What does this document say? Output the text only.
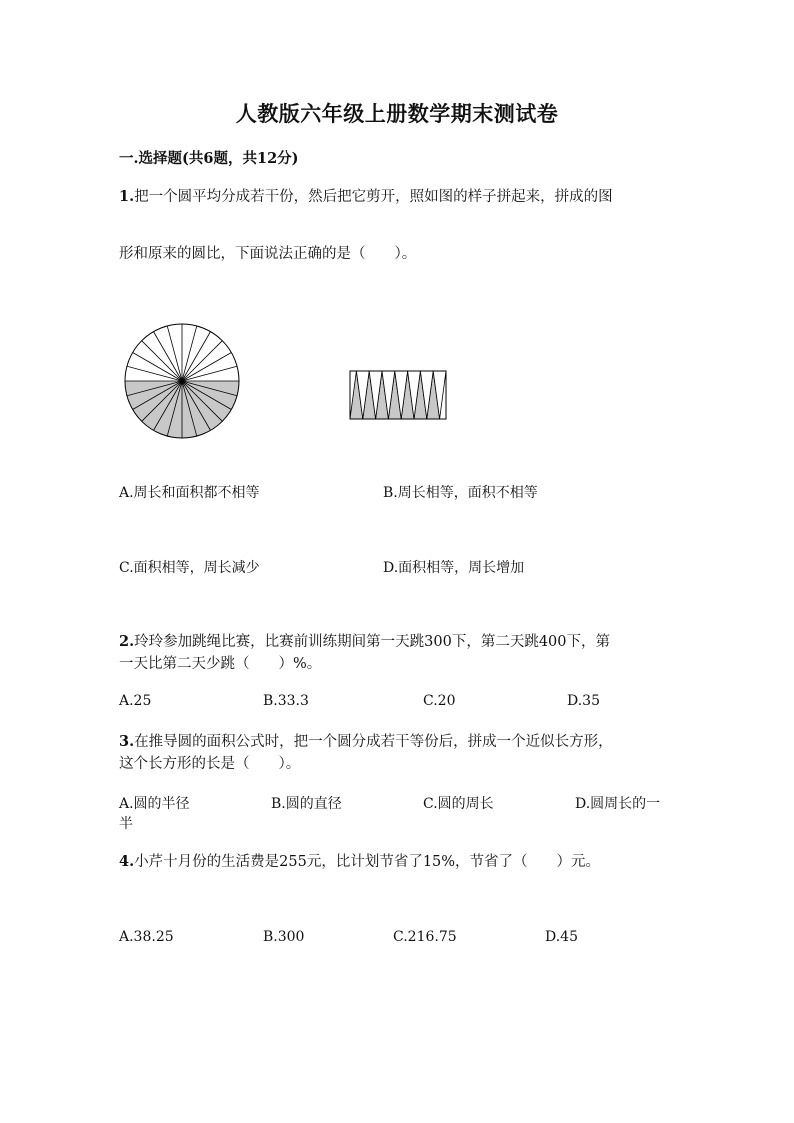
人教版六年级上册数学期末测试卷
一.选择题(共6题，共12分)
1.把一个圆平均分成若干份，然后把它剪开，照如图的样子拼起来，拼成的图
形和原来的圆比，下面说法正确的是（　　）。
A.周长和面积都不相等	B.周长相等，面积不相等
C.面积相等，周长减少	D.面积相等，周长增加
2.玲玲参加跳绳比赛，比赛前训练期间第一天跳300下，第二天跳400下，第
一天比第二天少跳（　　）%。
A.25	B.33.3	C.20	D.35
3.在推导圆的面积公式时，把一个圆分成若干等份后，拼成一个近似长方形，
这个长方形的长是（　　）。
A.圆的半径	B.圆的直径	C.圆的周长	D.圆周长的一
半
4.小芹十月份的生活费是255元，比计划节省了15%，节省了（　　）元。
A.38.25	B.300	C.216.75	D.45
